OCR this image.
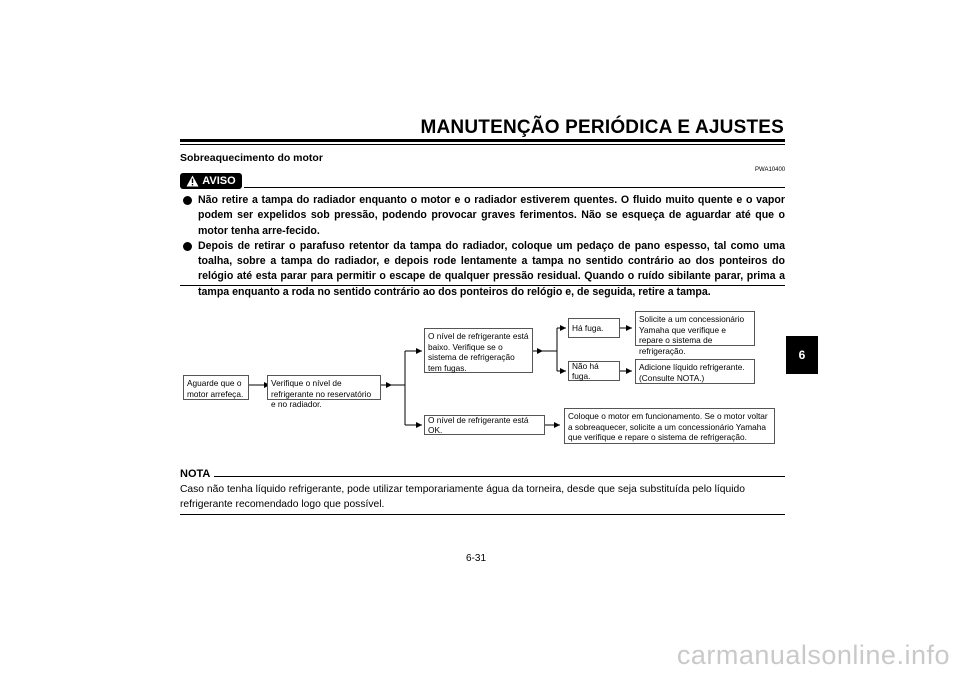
MANUTENÇÃO PERIÓDICA E AJUSTES
Sobreaquecimento do motor
PWA10400
AVISO
Não retire a tampa do radiador enquanto o motor e o radiador estiverem quentes. O fluido muito quente e o vapor podem ser expelidos sob pressão, podendo provocar graves ferimentos. Não se esqueça de aguardar até que o motor tenha arre-fecido.
Depois de retirar o parafuso retentor da tampa do radiador, coloque um pedaço de pano espesso, tal como uma toalha, sobre a tampa do radiador, e depois rode lentamente a tampa no sentido contrário ao dos ponteiros do relógio até esta parar para permitir o escape de qualquer pressão residual. Quando o ruído sibilante parar, prima a tampa enquanto a roda no sentido contrário ao dos ponteiros do relógio e, de seguida, retire a tampa.
Aguarde que o motor arrefeça.
Verifique o nível de refrigerante no reservatório e no radiador.
O nível de refrigerante está baixo. Verifique se o sistema de refrigeração tem fugas.
O nível de refrigerante está OK.
Há fuga.
Não há fuga.
Solicite a um concessionário Yamaha que verifique e repare o sistema de refrigeração.
Adicione líquido refrigerante. (Consulte NOTA.)
Coloque o motor em funcionamento. Se o motor voltar a sobreaquecer, solicite a um concessionário Yamaha que verifique e repare o sistema de refrigeração.
NOTA
Caso não tenha líquido refrigerante, pode utilizar temporariamente água da torneira, desde que seja substituída pelo líquido refrigerante recomendado logo que possível.
6-31
6
carmanualsonline.info
